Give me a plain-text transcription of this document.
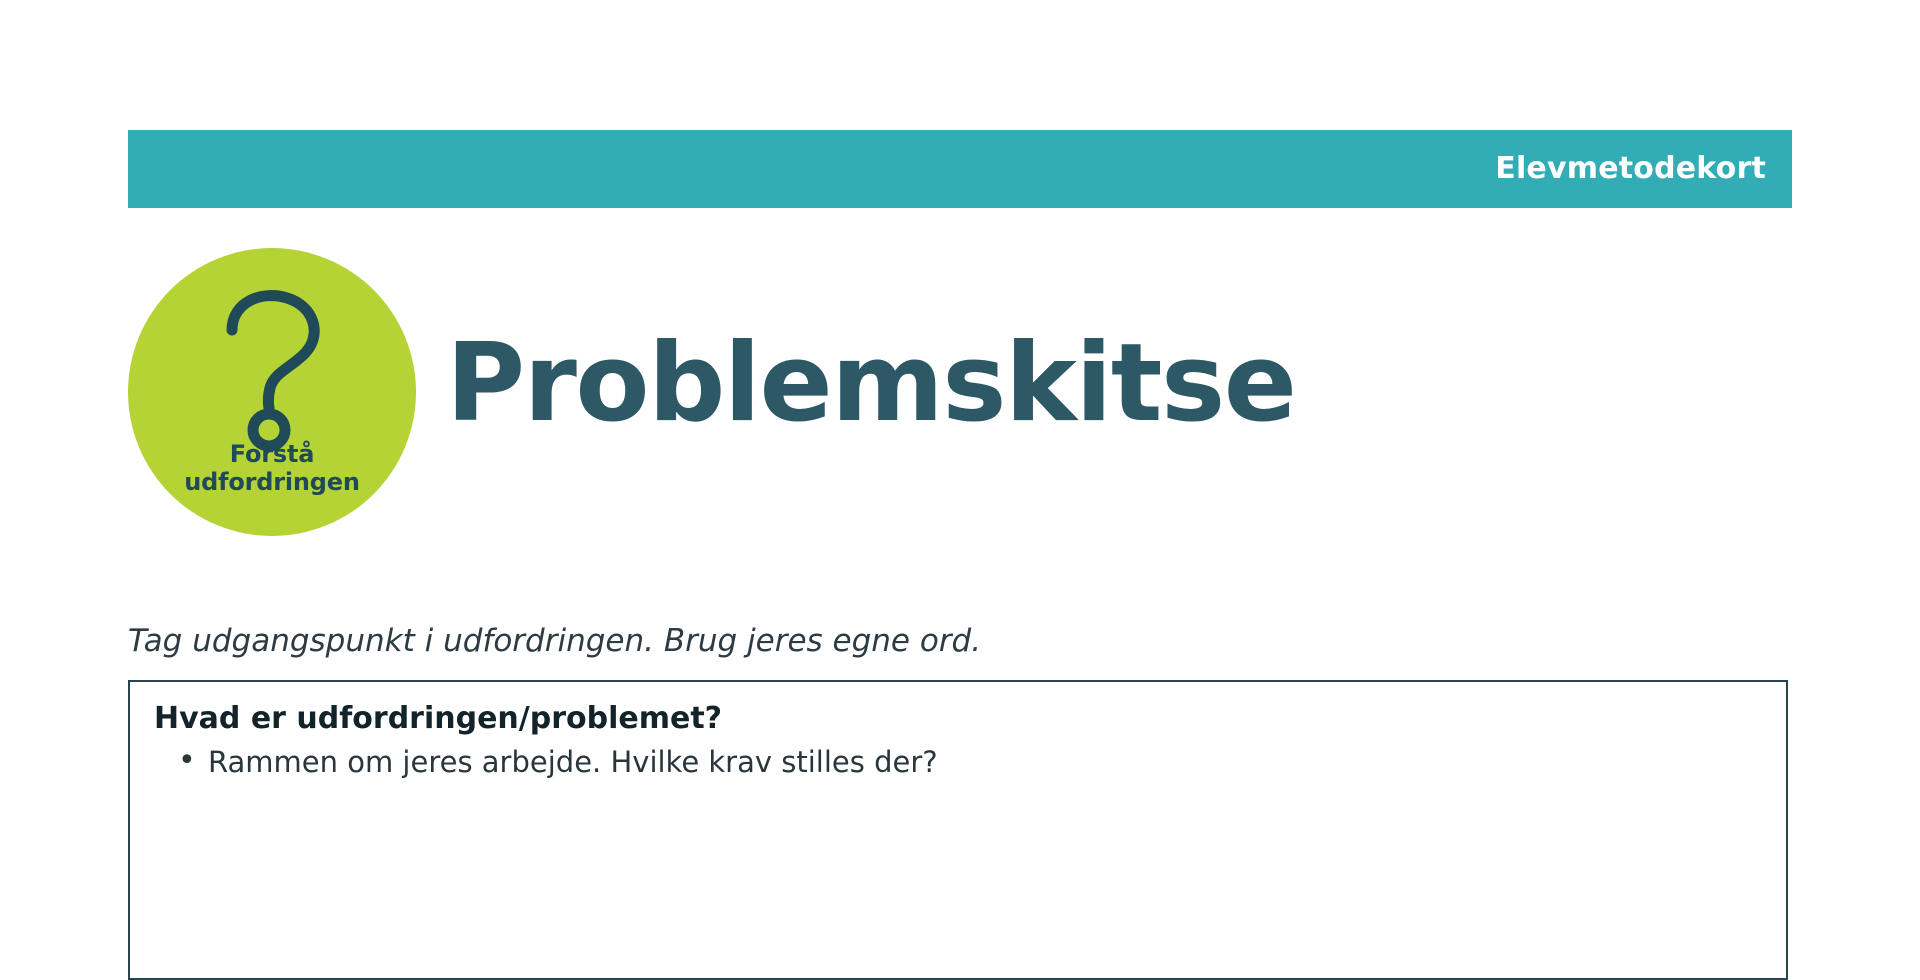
Elevmetodekort
Forstå
udfordringen
Problemskitse

Tag udgangspunkt i udfordringen. Brug jeres egne ord.

Hvad er udfordringen/problemet?
• Rammen om jeres arbejde. Hvilke krav stilles der?
